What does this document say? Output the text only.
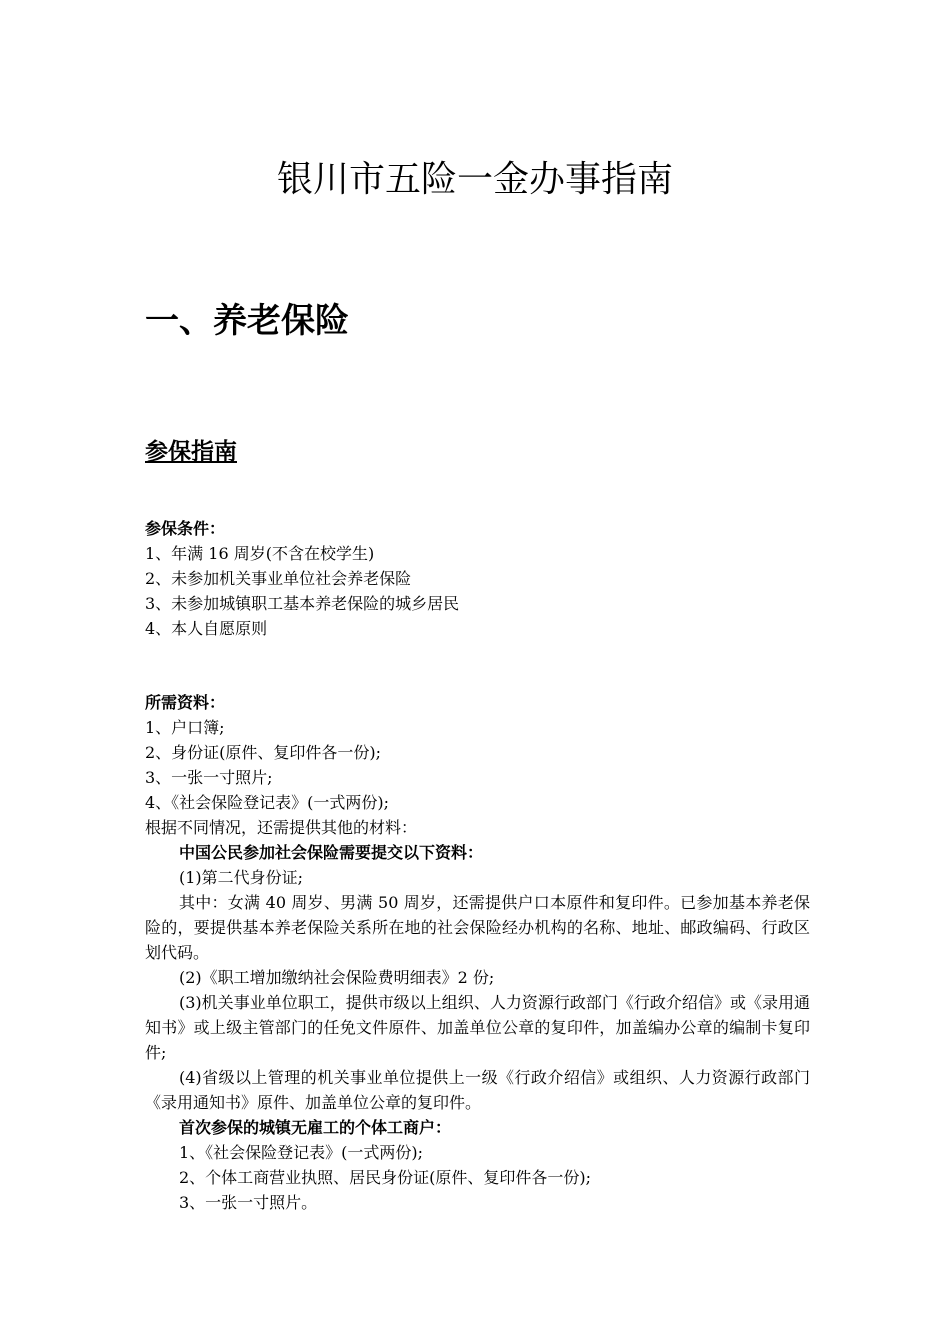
银川市五险一金办事指南
一、养老保险
参保指南

参保条件：

1、年满 16 周岁(不含在校学生)

2、未参加机关事业单位社会养老保险

3、未参加城镇职工基本养老保险的城乡居民

4、本人自愿原则

所需资料：

1、户口簿;

2、身份证(原件、复印件各一份);

3、一张一寸照片;

4、《社会保险登记表》(一式两份);

根据不同情况，还需提供其他的材料：

中国公民参加社会保险需要提交以下资料：

(1)第二代身份证;

其中：女满 40 周岁、男满 50 周岁，还需提供户口本原件和复印件。已参加基本养老保险的，要提供基本养老保险关系所在地的社会保险经办机构的名称、地址、邮政编码、行政区划代码。

(2)《职工增加缴纳社会保险费明细表》2 份;

(3)机关事业单位职工，提供市级以上组织、人力资源行政部门《行政介绍信》或《录用通知书》或上级主管部门的任免文件原件、加盖单位公章的复印件，加盖编办公章的编制卡复印件;

(4)省级以上管理的机关事业单位提供上一级《行政介绍信》或组织、人力资源行政部门《录用通知书》原件、加盖单位公章的复印件。

首次参保的城镇无雇工的个体工商户：

1、《社会保险登记表》(一式两份);

2、个体工商营业执照、居民身份证(原件、复印件各一份);

3、一张一寸照片。
